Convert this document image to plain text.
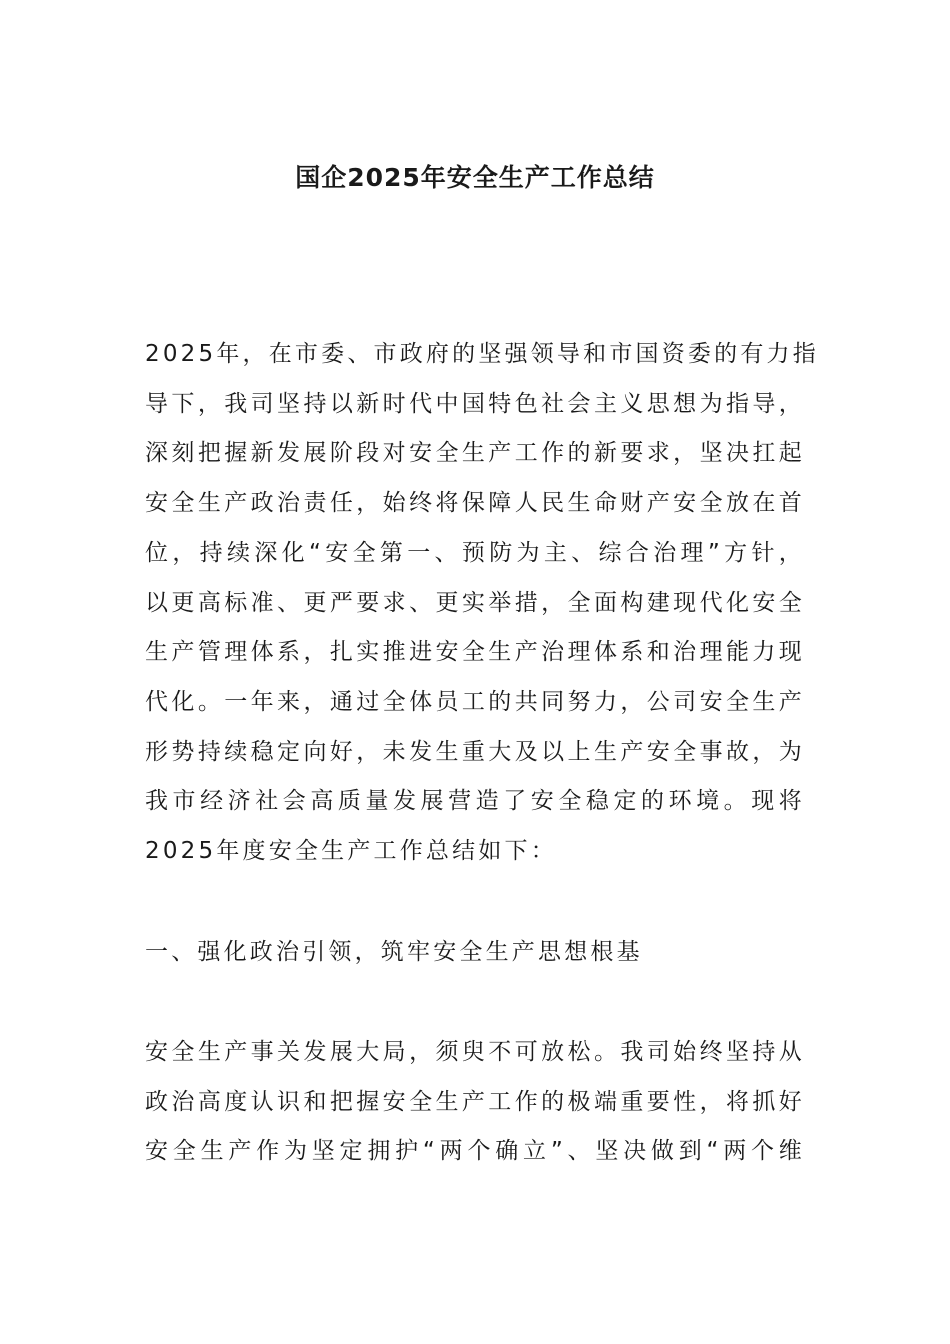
国企2025年安全生产工作总结
2025年，在市委、市政府的坚强领导和市国资委的有力指
导下，我司坚持以新时代中国特色社会主义思想为指导，
深刻把握新发展阶段对安全生产工作的新要求，坚决扛起
安全生产政治责任，始终将保障人民生命财产安全放在首
位，持续深化“安全第一、预防为主、综合治理”方针，
以更高标准、更严要求、更实举措，全面构建现代化安全
生产管理体系，扎实推进安全生产治理体系和治理能力现
代化。一年来，通过全体员工的共同努力，公司安全生产
形势持续稳定向好，未发生重大及以上生产安全事故，为
我市经济社会高质量发展营造了安全稳定的环境。现将
2025年度安全生产工作总结如下：
一、强化政治引领，筑牢安全生产思想根基
安全生产事关发展大局，须臾不可放松。我司始终坚持从
政治高度认识和把握安全生产工作的极端重要性，将抓好
安全生产作为坚定拥护“两个确立”、坚决做到“两个维
